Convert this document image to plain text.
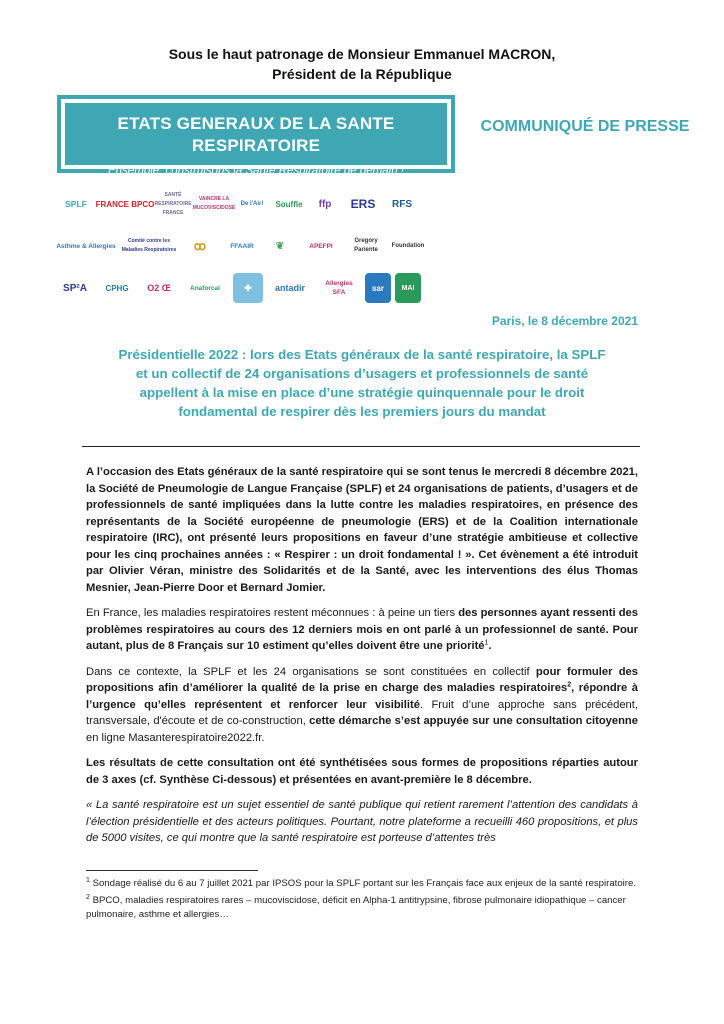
Sous le haut patronage de Monsieur Emmanuel MACRON,
Président de la République
ETATS GENERAUX DE LA SANTE RESPIRATOIRE
Ensemble, construisons la Santé Respiratoire de demain !
COMMUNIQUÉ DE PRESSE
SPLF	FRANCE BPCO
SANTÉ RESPIRATOIRE FRANCE
VAINCRE LA MUCOVISCIDOSE
De l'Air!	Souffle	ffp	ERS	RFS
Asthme & Allergies
Comité contre les Maladies Respiratoires	ꝏ	FFAAIR	❦	APEFPI
Gregory Pariente
Foundation
SP²A	CPHG	O2 Œ	Anaforcal	✚	antadir	Allergies SFA	sar	MAI
Paris, le 8 décembre 2021
Présidentielle 2022 : lors des Etats généraux de la santé respiratoire, la SPLF
et un collectif de 24 organisations d’usagers et professionnels de santé
appellent à la mise en place d’une stratégie quinquennale pour le droit
fondamental de respirer dès les premiers jours du mandat

A l’occasion des Etats généraux de la santé respiratoire qui se sont tenus le mercredi 8 décembre 2021, la Société de Pneumologie de Langue Française (SPLF) et 24 organisations de patients, d’usagers et de professionnels de santé impliquées dans la lutte contre les maladies respiratoires, en présence des représentants de la Société européenne de pneumologie (ERS) et de la Coalition internationale respiratoire (IRC), ont présenté leurs propositions en faveur d’une stratégie ambitieuse et collective pour les cinq prochaines années : « Respirer : un droit fondamental ! ». Cet évènement a été introduit par Olivier Véran, ministre des Solidarités et de la Santé, avec les interventions des élus Thomas Mesnier, Jean-Pierre Door et Bernard Jomier.

En France, les maladies respiratoires restent méconnues : à peine un tiers des personnes ayant ressenti des problèmes respiratoires au cours des 12 derniers mois en ont parlé à un professionnel de santé. Pour autant, plus de 8 Français sur 10 estiment qu’elles doivent être une priorité$^1$.

Dans ce contexte, la SPLF et les 24 organisations se sont constituées en collectif pour formuler des propositions afin d’améliorer la qualité de la prise en charge des maladies respiratoires$^2$, répondre à l’urgence qu’elles représentent et renforcer leur visibilité. Fruit d’une approche sans précédent, transversale, d'écoute et de co-construction, cette démarche s’est appuyée sur une consultation citoyenne en ligne Masanterespiratoire2022.fr.

Les résultats de cette consultation ont été synthétisées sous formes de propositions réparties autour de 3 axes (cf. Synthèse Ci-dessous) et présentées en avant-première le 8 décembre.

« La santé respiratoire est un sujet essentiel de santé publique qui retient rarement l’attention des candidats à l’élection présidentielle et des acteurs politiques. Pourtant, notre plateforme a recueilli 460 propositions, et plus de 5000 visites, ce qui montre que la santé respiratoire est porteuse d’attentes très

$^1$ Sondage réalisé du 6 au 7 juillet 2021 par IPSOS pour la SPLF portant sur les Français face aux enjeux de la santé respiratoire.

$^2$ BPCO, maladies respiratoires rares – mucoviscidose, déficit en Alpha-1 antitrypsine, fibrose pulmonaire idiopathique – cancer pulmonaire, asthme et allergies…
